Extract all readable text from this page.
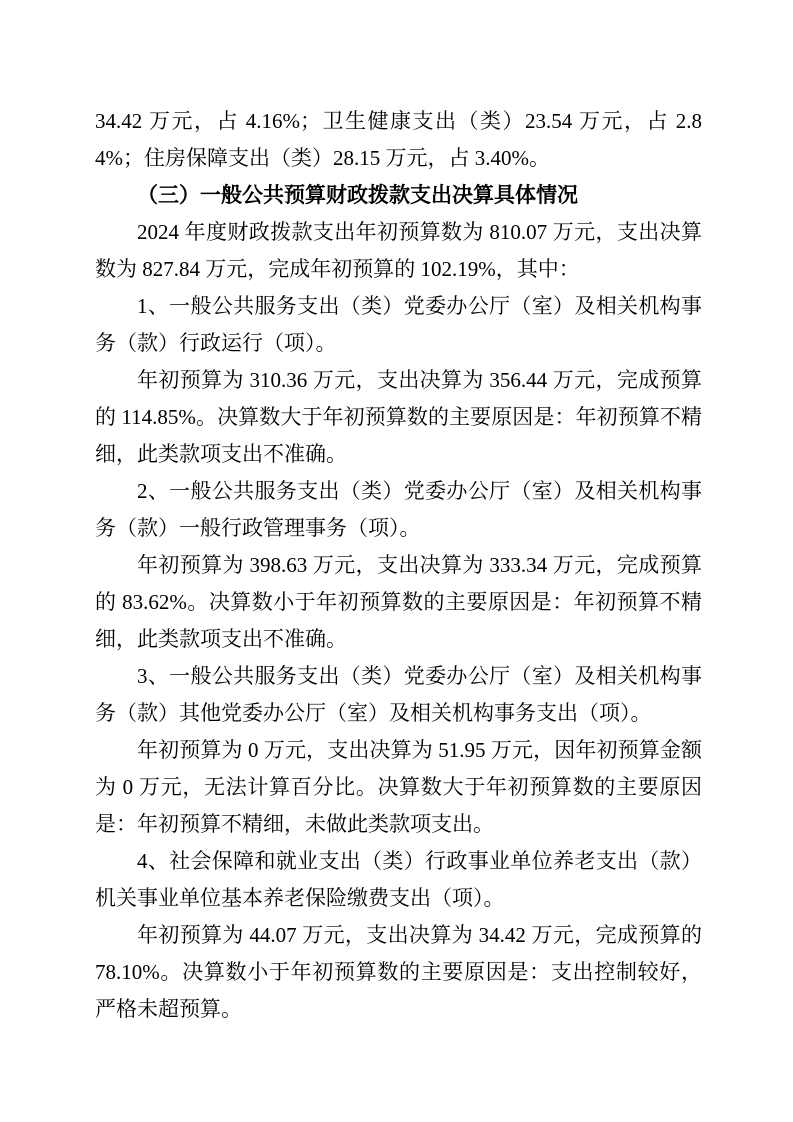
34.42 万元，占 4.16%；卫生健康支出（类）23.54 万元，占 2.84%；住房保障支出（类）28.15 万元，占 3.40%。

（三）一般公共预算财政拨款支出决算具体情况

2024 年度财政拨款支出年初预算数为 810.07 万元，支出决算数为 827.84 万元，完成年初预算的 102.19%，其中：

1、一般公共服务支出（类）党委办公厅（室）及相关机构事务（款）行政运行（项）。

年初预算为 310.36 万元，支出决算为 356.44 万元，完成预算的 114.85%。决算数大于年初预算数的主要原因是：年初预算不精细，此类款项支出不准确。

2、一般公共服务支出（类）党委办公厅（室）及相关机构事务（款）一般行政管理事务（项）。

年初预算为 398.63 万元，支出决算为 333.34 万元，完成预算的 83.62%。决算数小于年初预算数的主要原因是：年初预算不精细，此类款项支出不准确。

3、一般公共服务支出（类）党委办公厅（室）及相关机构事务（款）其他党委办公厅（室）及相关机构事务支出（项）。

年初预算为 0 万元，支出决算为 51.95 万元，因年初预算金额为 0 万元，无法计算百分比。决算数大于年初预算数的主要原因是：年初预算不精细，未做此类款项支出。

4、社会保障和就业支出（类）行政事业单位养老支出（款）机关事业单位基本养老保险缴费支出（项）。

年初预算为 44.07 万元，支出决算为 34.42 万元，完成预算的 78.10%。决算数小于年初预算数的主要原因是：支出控制较好，严格未超预算。
